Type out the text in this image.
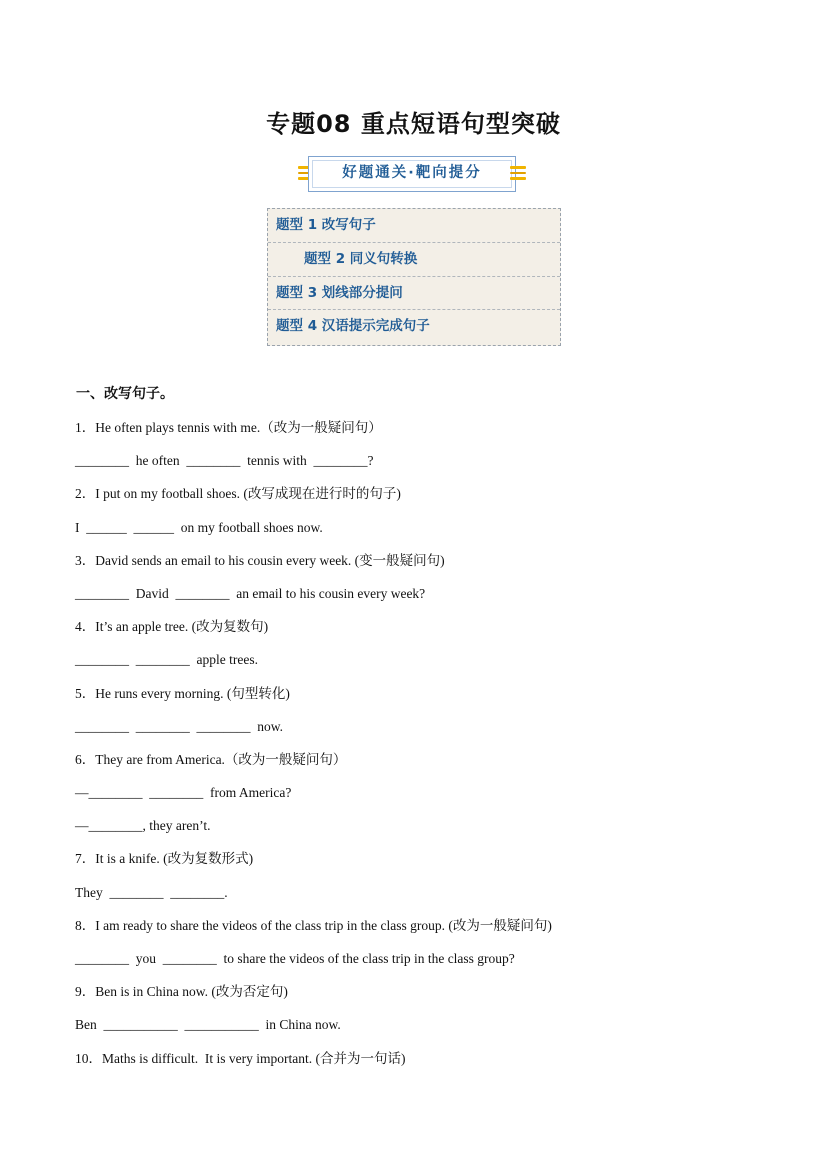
专题08 重点短语句型突破
好题通关·靶向提分
题型 1 改写句子
题型 2 同义句转换
题型 3 划线部分提问
题型 4 汉语提示完成句子
一、改写句子。
1．He often plays tennis with me.（改为一般疑问句）
________  he often  ________  tennis with  ________?
2．I put on my football shoes. (改写成现在进行时的句子)
I  ______  ______  on my football shoes now.
3．David sends an email to his cousin every week. (变一般疑问句)
________  David  ________  an email to his cousin every week?
4．It’s an apple tree. (改为复数句)
________  ________  apple trees.
5．He runs every morning. (句型转化)
________  ________  ________  now.
6．They are from America.（改为一般疑问句）
—________  ________  from America?
—________, they aren’t.
7．It is a knife. (改为复数形式)
They  ________  ________.
8．I am ready to share the videos of the class trip in the class group. (改为一般疑问句)
________  you  ________  to share the videos of the class trip in the class group?
9．Ben is in China now. (改为否定句)
Ben  ___________  ___________  in China now.
10．Maths is difficult.  It is very important. (合并为一句话)
